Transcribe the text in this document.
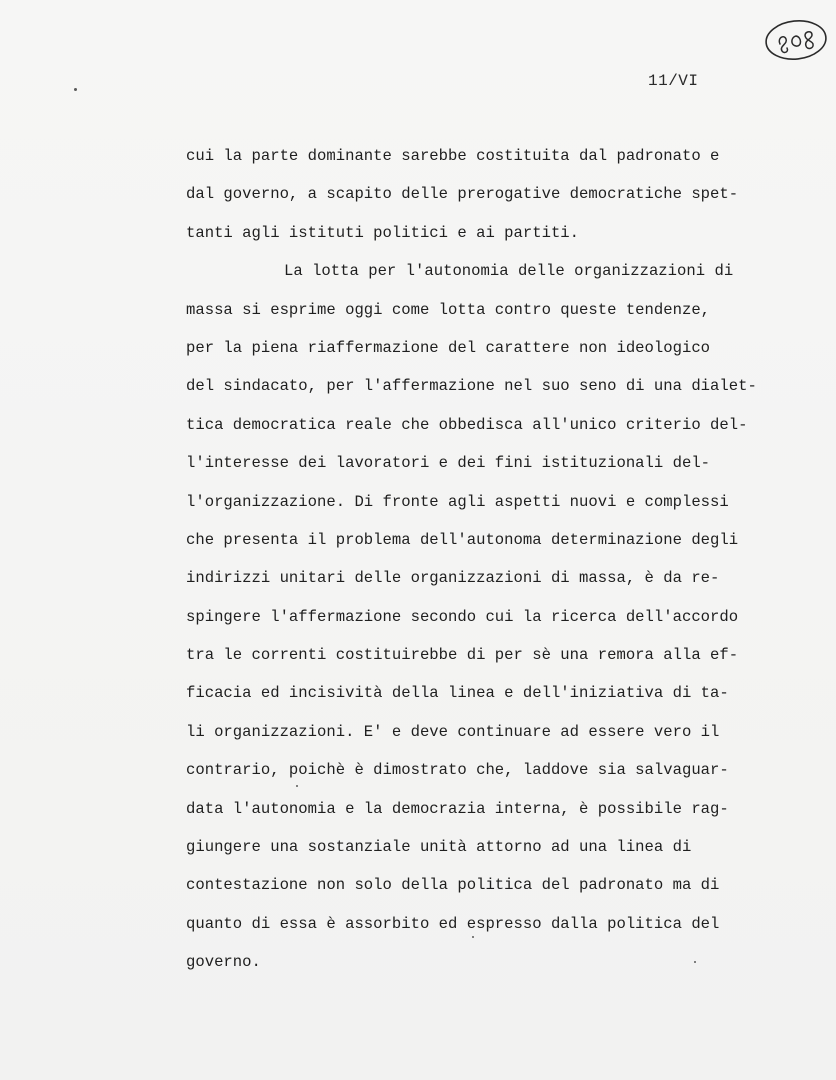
11/VI
cui la parte dominante sarebbe costituita dal padronato e
dal governo, a scapito delle prerogative democratiche spet-
tanti agli istituti politici e ai partiti.
La lotta per l'autonomia delle organizzazioni di
massa si esprime oggi come lotta contro queste tendenze,
per la piena riaffermazione del carattere non ideologico
del sindacato, per l'affermazione nel suo seno di una dialet-
tica democratica reale che obbedisca all'unico criterio del-
l'interesse dei lavoratori e dei fini istituzionali del-
l'organizzazione. Di fronte agli aspetti nuovi e complessi
che presenta il problema dell'autonoma determinazione degli
indirizzi unitari delle organizzazioni di massa, è da re-
spingere l'affermazione secondo cui la ricerca dell'accordo
tra le correnti costituirebbe di per sè una remora alla ef-
ficacia ed incisività della linea e dell'iniziativa di ta-
li organizzazioni. E' e deve continuare ad essere vero il
contrario, poichè è dimostrato che, laddove sia salvaguar-
data l'autonomia e la democrazia interna, è possibile rag-
giungere una sostanziale unità attorno ad una linea di
contestazione non solo della politica del padronato ma di
quanto di essa è assorbito ed espresso dalla politica del
governo.
